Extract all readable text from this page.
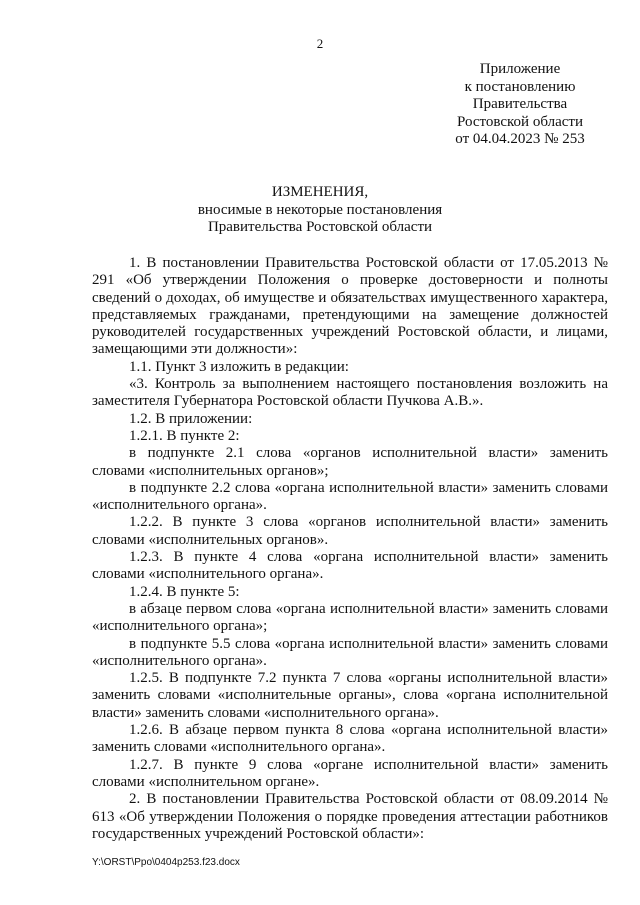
2
Приложение
к постановлению
Правительства
Ростовской области
от 04.04.2023 № 253
ИЗМЕНЕНИЯ,
вносимые в некоторые постановления
Правительства Ростовской области

1. В постановлении Правительства Ростовской области от 17.05.2013 № 291 «Об утверждении Положения о проверке достоверности и полноты сведений о доходах, об имуществе и обязательствах имущественного характера, представляемых гражданами, претендующими на замещение должностей руководителей государственных учреждений Ростовской области, и лицами, замещающими эти должности»:

1.1. Пункт 3 изложить в редакции:

«3. Контроль за выполнением настоящего постановления возложить на заместителя Губернатора Ростовской области Пучкова А.В.».

1.2. В приложении:

1.2.1. В пункте 2:

в подпункте 2.1 слова «органов исполнительной власти» заменить словами «исполнительных органов»;

в подпункте 2.2 слова «органа исполнительной власти» заменить словами «исполнительного органа».

1.2.2. В пункте 3 слова «органов исполнительной власти» заменить словами «исполнительных органов».

1.2.3. В пункте 4 слова «органа исполнительной власти» заменить словами «исполнительного органа».

1.2.4. В пункте 5:

в абзаце первом слова «органа исполнительной власти» заменить словами «исполнительного органа»;

в подпункте 5.5 слова «органа исполнительной власти» заменить словами «исполнительного органа».

1.2.5. В подпункте 7.2 пункта 7 слова «органы исполнительной власти» заменить словами «исполнительные органы», слова «органа исполнительной власти» заменить словами «исполнительного органа».

1.2.6. В абзаце первом пункта 8 слова «органа исполнительной власти» заменить словами «исполнительного органа».

1.2.7. В пункте 9 слова «органе исполнительной власти» заменить словами «исполнительном органе».

2. В постановлении Правительства Ростовской области от 08.09.2014 № 613 «Об утверждении Положения о порядке проведения аттестации работников государственных учреждений Ростовской области»:

Y:\ORST\Ppo\0404p253.f23.docx
